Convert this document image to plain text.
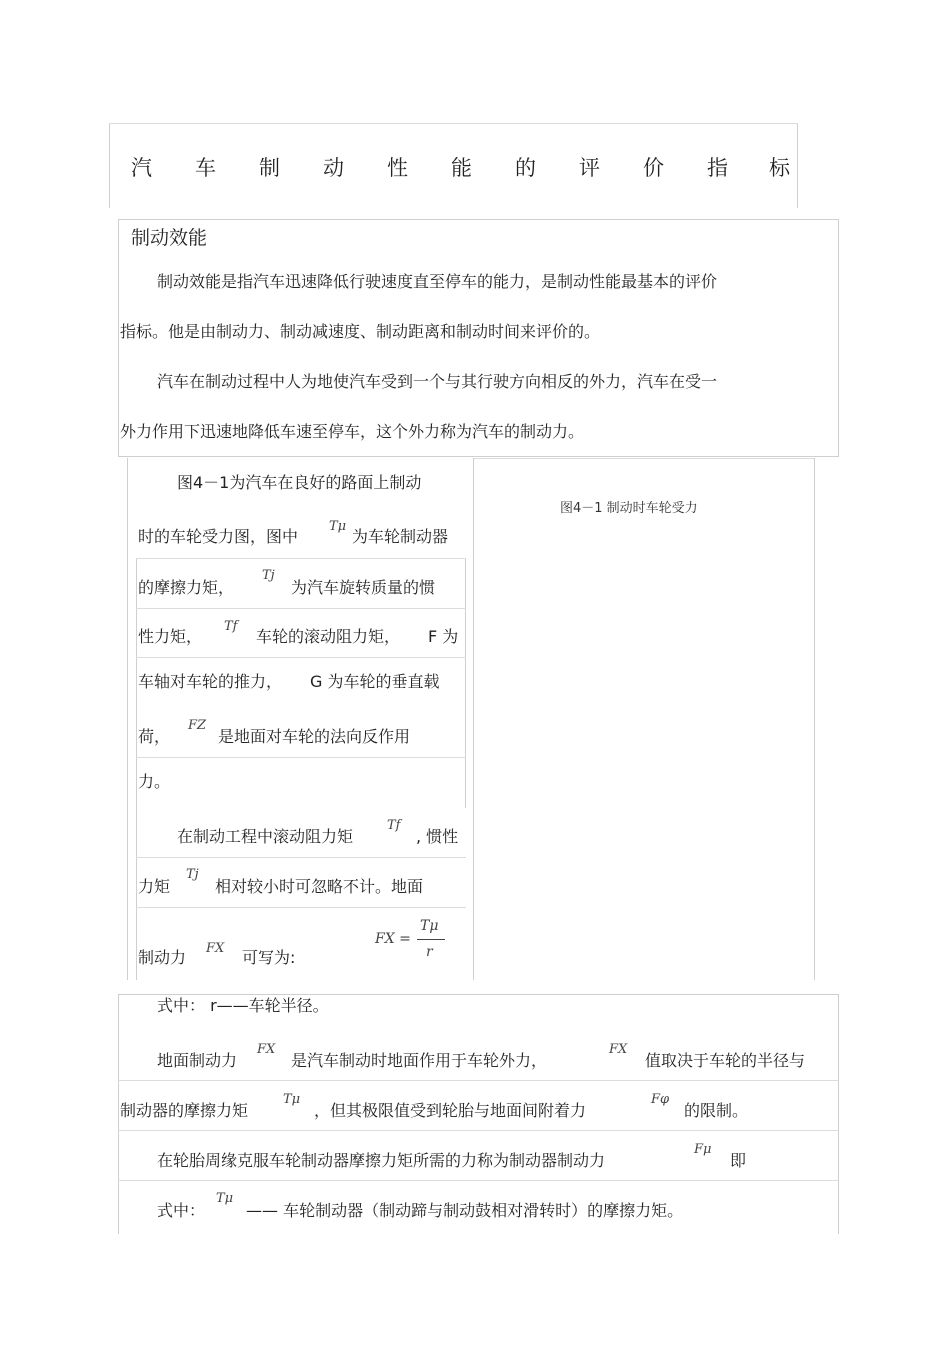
汽 车 制 动 性 能 的 评 价 指 标
制动效能
制动效能是指汽车迅速降低行驶速度直至停车的能力，是制动性能最基本的评价
指标。他是由制动力、制动减速度、制动距离和制动时间来评价的。
汽车在制动过程中人为地使汽车受到一个与其行驶方向相反的外力，汽车在受一
外力作用下迅速地降低车速至停车，这个外力称为汽车的制动力。
图4－1为汽车在良好的路面上制动
时的车轮受力图，图中
Tμ
为车轮制动器
的摩擦力矩，
Tj
为汽车旋转质量的惯
性力矩，
Tf
车轮的滚动阻力矩， F 为
车轴对车轮的推力， G 为车轮的垂直载
荷，
FZ
是地面对车轮的法向反作用
力。
在制动工程中滚动阻力矩
Tf
, 惯性
力矩
Tj
相对较小时可忽略不计。地面
制动力 FX 可写为:
FX =
Tμ
r
图4－1 制动时车轮受力
式中： r——车轮半径。
地面制动力
FX
是汽车制动时地面作用于车轮外力，
FX
值取决于车轮的半径与
制动器的摩擦力矩
Tμ
，但其极限值受到轮胎与地面间附着力
Fφ
的限制。
在轮胎周缘克服车轮制动器摩擦力矩所需的力称为制动器制动力
Fμ
即
式中：
Tμ
—— 车轮制动器（制动蹄与制动鼓相对滑转时）的摩擦力矩。
